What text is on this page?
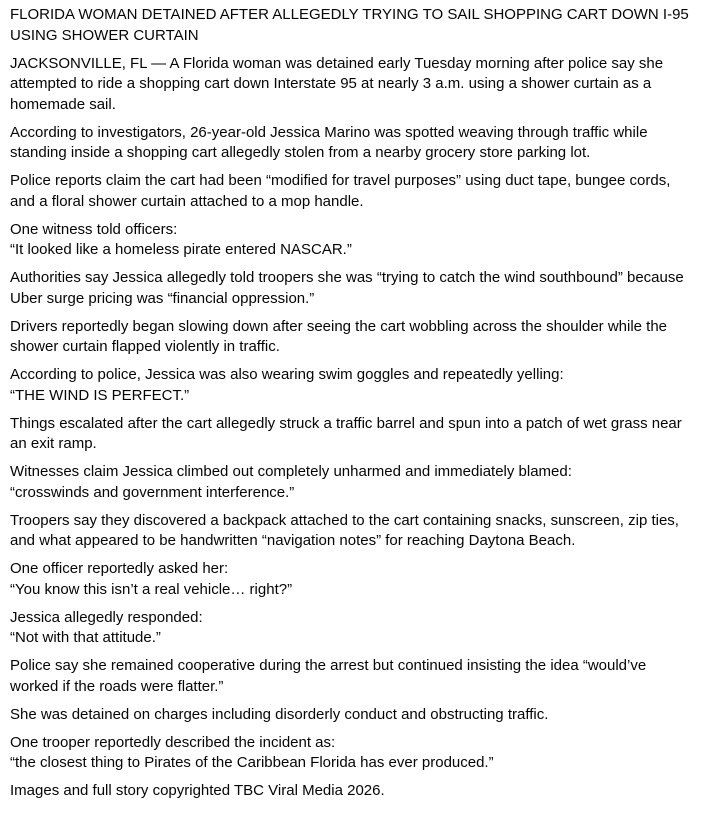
FLORIDA WOMAN DETAINED AFTER ALLEGEDLY TRYING TO SAIL SHOPPING CART DOWN I-95 USING SHOWER CURTAIN

JACKSONVILLE, FL — A Florida woman was detained early Tuesday morning after police say she attempted to ride a shopping cart down Interstate 95 at nearly 3 a.m. using a shower curtain as a homemade sail.

According to investigators, 26-year-old Jessica Marino was spotted weaving through traffic while standing inside a shopping cart allegedly stolen from a nearby grocery store parking lot.

Police reports claim the cart had been “modified for travel purposes” using duct tape, bungee cords, and a floral shower curtain attached to a mop handle.

One witness told officers:
“It looked like a homeless pirate entered NASCAR.”

Authorities say Jessica allegedly told troopers she was “trying to catch the wind southbound” because Uber surge pricing was “financial oppression.”

Drivers reportedly began slowing down after seeing the cart wobbling across the shoulder while the shower curtain flapped violently in traffic.

According to police, Jessica was also wearing swim goggles and repeatedly yelling:
“THE WIND IS PERFECT.”

Things escalated after the cart allegedly struck a traffic barrel and spun into a patch of wet grass near an exit ramp.

Witnesses claim Jessica climbed out completely unharmed and immediately blamed:
“crosswinds and government interference.”

Troopers say they discovered a backpack attached to the cart containing snacks, sunscreen, zip ties, and what appeared to be handwritten “navigation notes” for reaching Daytona Beach.

One officer reportedly asked her:
“You know this isn’t a real vehicle… right?”

Jessica allegedly responded:
“Not with that attitude.”

Police say she remained cooperative during the arrest but continued insisting the idea “would’ve worked if the roads were flatter.”

She was detained on charges including disorderly conduct and obstructing traffic.

One trooper reportedly described the incident as:
“the closest thing to Pirates of the Caribbean Florida has ever produced.”

Images and full story copyrighted TBC Viral Media 2026.
